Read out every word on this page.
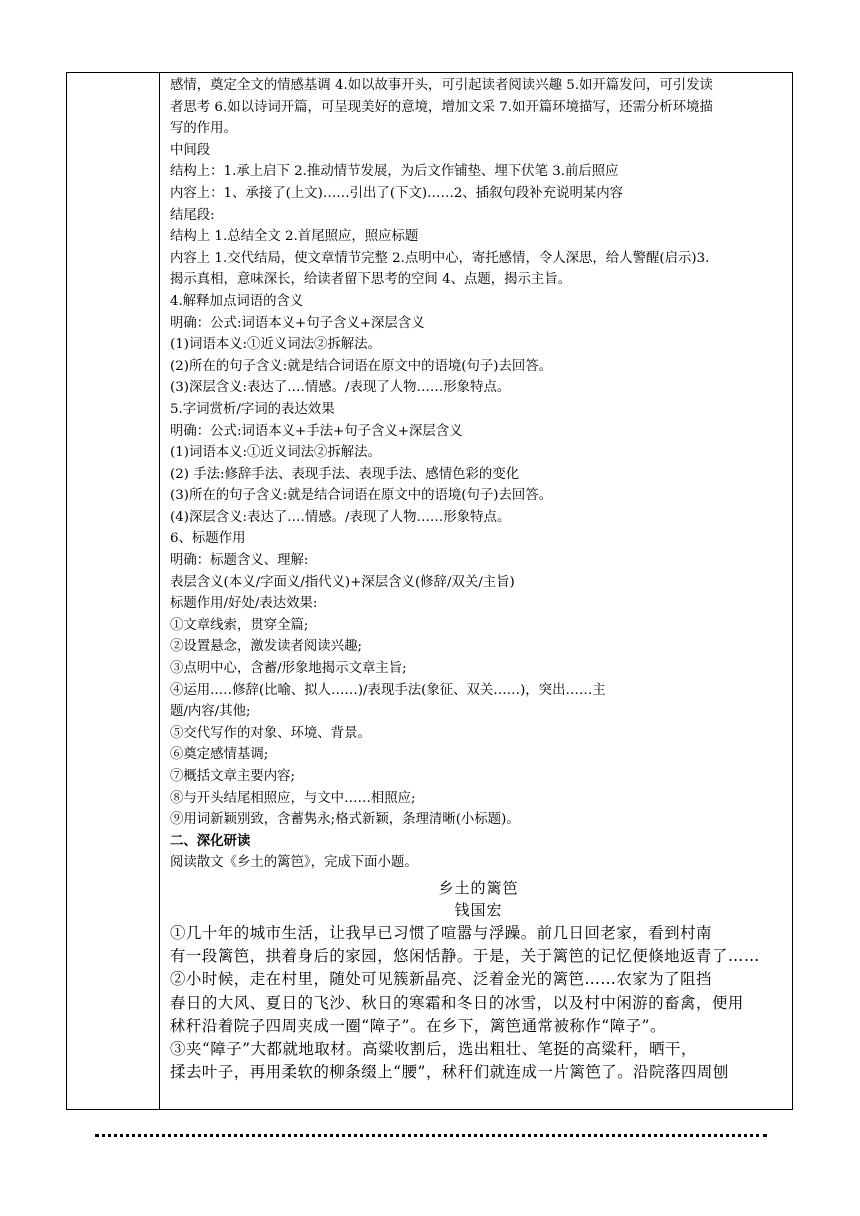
感情，奠定全文的情感基调 4.如以故事开头，可引起读者阅读兴趣 5.如开篇发问，可引发读
者思考 6.如以诗词开篇，可呈现美好的意境，增加文采 7.如开篇环境描写，还需分析环境描
写的作用。
中间段
结构上：1.承上启下 2.推动情节发展，为后文作铺垫、埋下伏笔 3.前后照应
内容上：1、承接了(上文)……引出了(下文)……2、插叙句段补充说明某内容
结尾段:
结构上 1.总结全文 2.首尾照应，照应标题
内容上 1.交代结局，使文章情节完整 2.点明中心，寄托感情，令人深思，给人警醒(启示)3.
揭示真相，意味深长，给读者留下思考的空间 4、点题，揭示主旨。
4.解释加点词语的含义
明确：公式:词语本义+句子含义+深层含义
(1)词语本义:①近义词法②拆解法。
(2)所在的句子含义:就是结合词语在原文中的语境(句子)去回答。
(3)深层含义:表达了.…情感。/表现了人物……形象特点。
5.字词赏析/字词的表达效果
明确：公式:词语本义+手法+句子含义+深层含义
(1)词语本义:①近义词法②拆解法。
(2) 手法:修辞手法、表现手法、表现手法、感情色彩的变化
(3)所在的句子含义:就是结合词语在原文中的语境(句子)去回答。
(4)深层含义:表达了.…情感。/表现了人物……形象特点。
6、标题作用
明确：标题含义、理解:
表层含义(本义/字面义/指代义)+深层含义(修辞/双关/主旨)
标题作用/好处/表达效果:
①文章线索，贯穿全篇;
②设置悬念，激发读者阅读兴趣;
③点明中心，含蓄/形象地揭示文章主旨;
④运用..…修辞(比喻、拟人……)/表现手法(象征、双关……)，突出……主
题/内容/其他;
⑤交代写作的对象、环境、背景。
⑥奠定感情基调;
⑦概括文章主要内容;
⑧与开头结尾相照应，与文中……相照应;
⑨用词新颖别致，含蓄隽永;格式新颖，条理清晰(小标题)。
二、深化研读
阅读散文《乡土的篱笆》，完成下面小题。
乡土的篱笆
钱国宏
①几十年的城市生活，让我早已习惯了喧嚣与浮躁。前几日回老家，看到村南
有一段篱笆，拱着身后的家园，悠闲恬静。于是，关于篱笆的记忆便倏地返青了……
②小时候，走在村里，随处可见簇新晶亮、泛着金光的篱笆……农家为了阻挡
春日的大风、夏日的飞沙、秋日的寒霜和冬日的冰雪，以及村中闲游的畜禽，便用
秫秆沿着院子四周夹成一圈“障子”。在乡下，篱笆通常被称作“障子”。
③夹“障子”大都就地取材。高粱收割后，选出粗壮、笔挺的高粱秆，晒干，
揉去叶子，再用柔软的柳条缀上“腰”，秫秆们就连成一片篱笆了。沿院落四周刨
